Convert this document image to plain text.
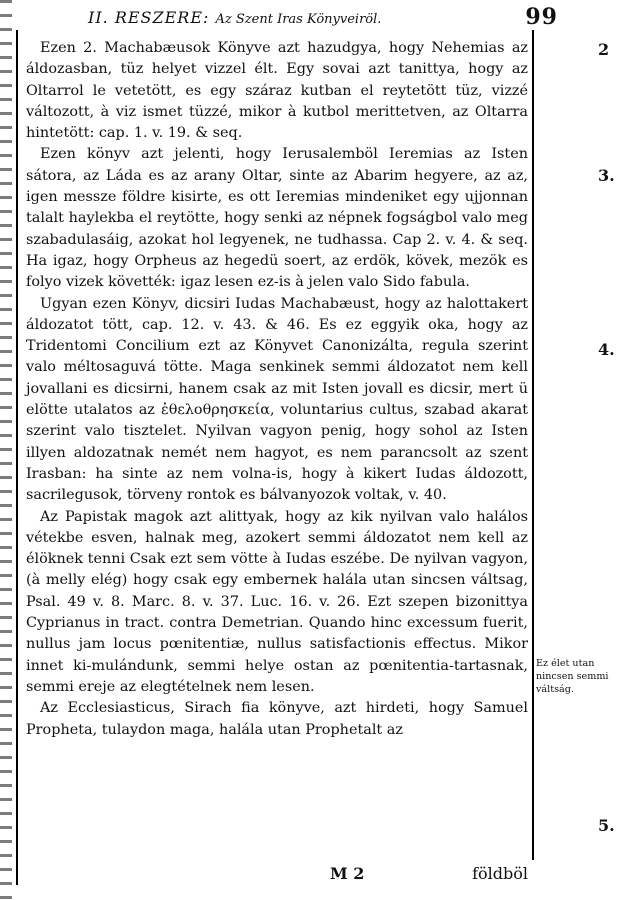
II. RESZERE: Az Szent Iras Könyveiröl.	99

Ezen 2. Machabæusok Könyve azt hazudgya, hogy Nehemias az áldozasban, tüz helyet vizzel élt. Egy sovai azt tanittya, hogy az Oltarrol le vetetött, es egy száraz kutban el reytetött tüz, vizzé változott, à viz ismet tüzzé, mikor à kutbol merittetven, az Oltarra hintetött: cap. 1. v. 19. & seq.

Ezen könyv azt jelenti, hogy Ierusalemböl Ieremias az Isten sátora, az Láda es az arany Oltar, sinte az Abarim hegyere, az az, igen messze földre kisirte, es ott Ieremias mindeniket egy ujjonnan talalt haylekba el reytötte, hogy senki az népnek fogságbol valo meg szabadulasáig, azokat hol legyenek, ne tudhassa. Cap 2. v. 4. & seq. Ha igaz, hogy Orpheus az hegedü soert, az erdök, kövek, mezök es folyo vizek követték: igaz lesen ez-is à jelen valo Sido fabula.

Ugyan ezen Könyv, dicsiri Iudas Machabæust, hogy az halottakert áldozatot tött, cap. 12. v. 43. & 46. Es ez eggyik oka, hogy az Tridentomi Concilium ezt az Könyvet Canonizálta, regula szerint valo méltosaguvá tötte. Maga senkinek semmi áldozatot nem kell jovallani es dicsirni, hanem csak az mit Isten jovall es dicsir, mert ü elötte utalatos az ἐθελοθρησκεία, voluntarius cultus, szabad akarat szerint valo tisztelet. Nyilvan vagyon penig, hogy sohol az Isten illyen aldozatnak nemét nem hagyot, es nem parancsolt az szent Irasban: ha sinte az nem volna-is, hogy à kikert Iudas áldozott, sacrilegusok, törveny rontok es bálvanyozok voltak, v. 40.

Az Papistak magok azt alittyak, hogy az kik nyilvan valo halálos vétekbe esven, halnak meg, azokert semmi áldozatot nem kell az élöknek tenni Csak ezt sem vötte à Iudas eszébe. De nyilvan vagyon, (à melly elég) hogy csak egy embernek halála utan sincsen váltsag, Psal. 49 v. 8. Marc. 8. v. 37. Luc. 16. v. 26. Ezt szepen bizonittya Cyprianus in tract. contra Demetrian. Quando hinc excessum fuerit, nullus jam locus pœnitentiæ, nullus satisfactionis effectus. Mikor innet ki-mulándunk, semmi helye ostan az pœnitentia-tartasnak, semmi ereje az elegtételnek nem lesen.

Az Ecclesiasticus, Sirach fia könyve, azt hirdeti, hogy Samuel Propheta, tulaydon maga, halála utan Prophetalt az

2
3.
4.
Ez élet utan nincsen semmi váltság.
5.
M 2	földböl
